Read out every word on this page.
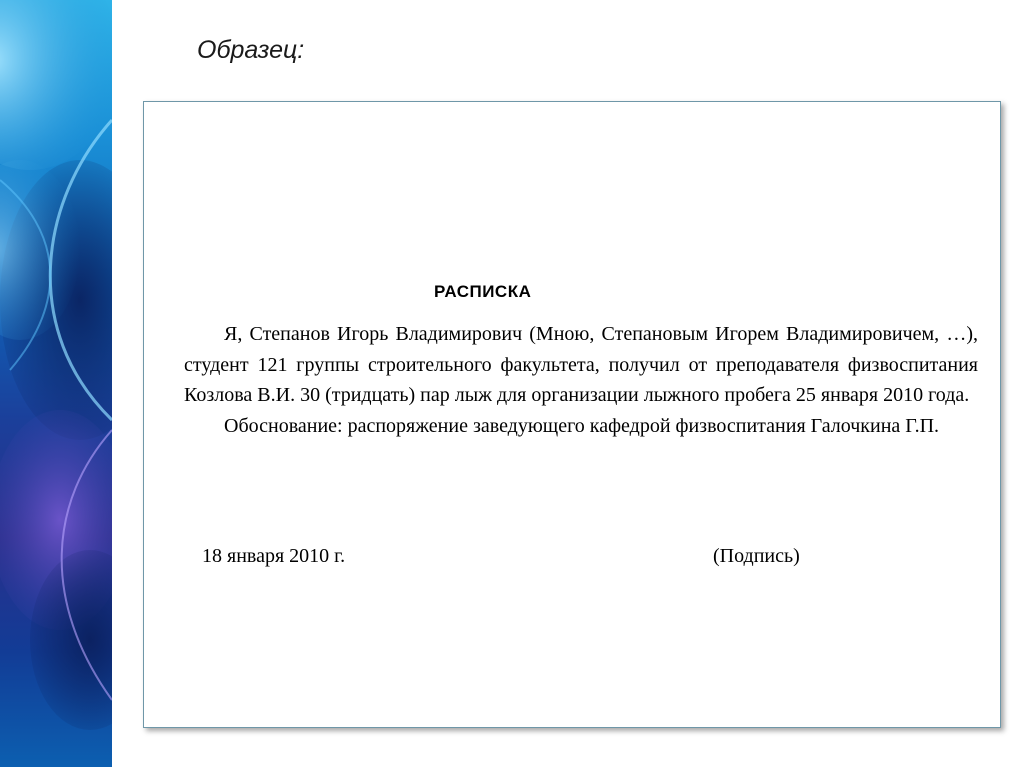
Образец:
РАСПИСКА

Я, Степанов Игорь Владимирович (Мною, Степановым Игорем Владимировичем, …), студент 121 группы строительного факультета, получил от преподавателя физвоспитания Козлова В.И. 30 (тридцать) пар лыж для организации лыжного пробега 25 января 2010 года.

Обоснование: распоряжение заведующего кафедрой физвоспитания Галочкина Г.П.

18 января 2010 г.	(Подпись)
